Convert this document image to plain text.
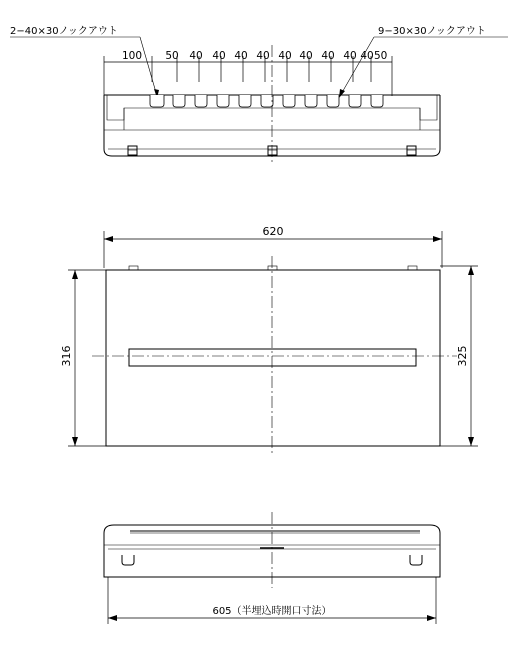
2−40×30ノックアウト	9−30×30ノックアウト
100 50 40 40 40 40 40 40 40 40 40 50
620
316	325
605（半埋込時開口寸法）
